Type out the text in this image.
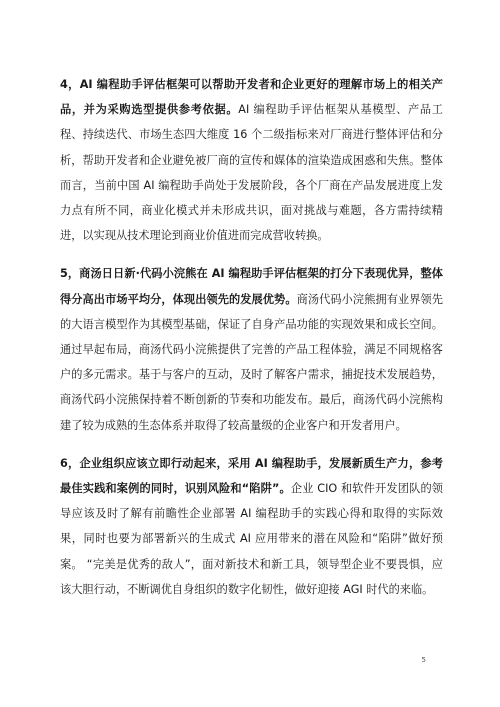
4，AI 编程助手评估框架可以帮助开发者和企业更好的理解市场上的相关产品，并为采购选型提供参考依据。AI 编程助手评估框架从基模型、产品工程、持续迭代、市场生态四大维度 16 个二级指标来对厂商进行整体评估和分析，帮助开发者和企业避免被厂商的宣传和媒体的渲染造成困惑和失焦。整体而言，当前中国 AI 编程助手尚处于发展阶段，各个厂商在产品发展进度上发力点有所不同，商业化模式并未形成共识，面对挑战与难题，各方需持续精进，以实现从技术理论到商业价值进而完成营收转换。

5，商汤日日新·代码小浣熊在 AI 编程助手评估框架的打分下表现优异，整体得分高出市场平均分，体现出领先的发展优势。商汤代码小浣熊拥有业界领先的大语言模型作为其模型基础，保证了自身产品功能的实现效果和成长空间。通过早起布局，商汤代码小浣熊提供了完善的产品工程体验，满足不同规格客户的多元需求。基于与客户的互动，及时了解客户需求，捕捉技术发展趋势，商汤代码小浣熊保持着不断创新的节奏和功能发布。最后，商汤代码小浣熊构建了较为成熟的生态体系并取得了较高量级的企业客户和开发者用户。

6，企业组织应该立即行动起来，采用 AI 编程助手，发展新质生产力，参考最佳实践和案例的同时，识别风险和“陷阱”。企业 CIO 和软件开发团队的领导应该及时了解有前瞻性企业部署 AI 编程助手的实践心得和取得的实际效果，同时也要为部署新兴的生成式 AI 应用带来的潜在风险和“陷阱”做好预案。 “完美是优秀的敌人”，面对新技术和新工具，领导型企业不要畏惧，应该大胆行动，不断调优自身组织的数字化韧性，做好迎接 AGI 时代的来临。

5
